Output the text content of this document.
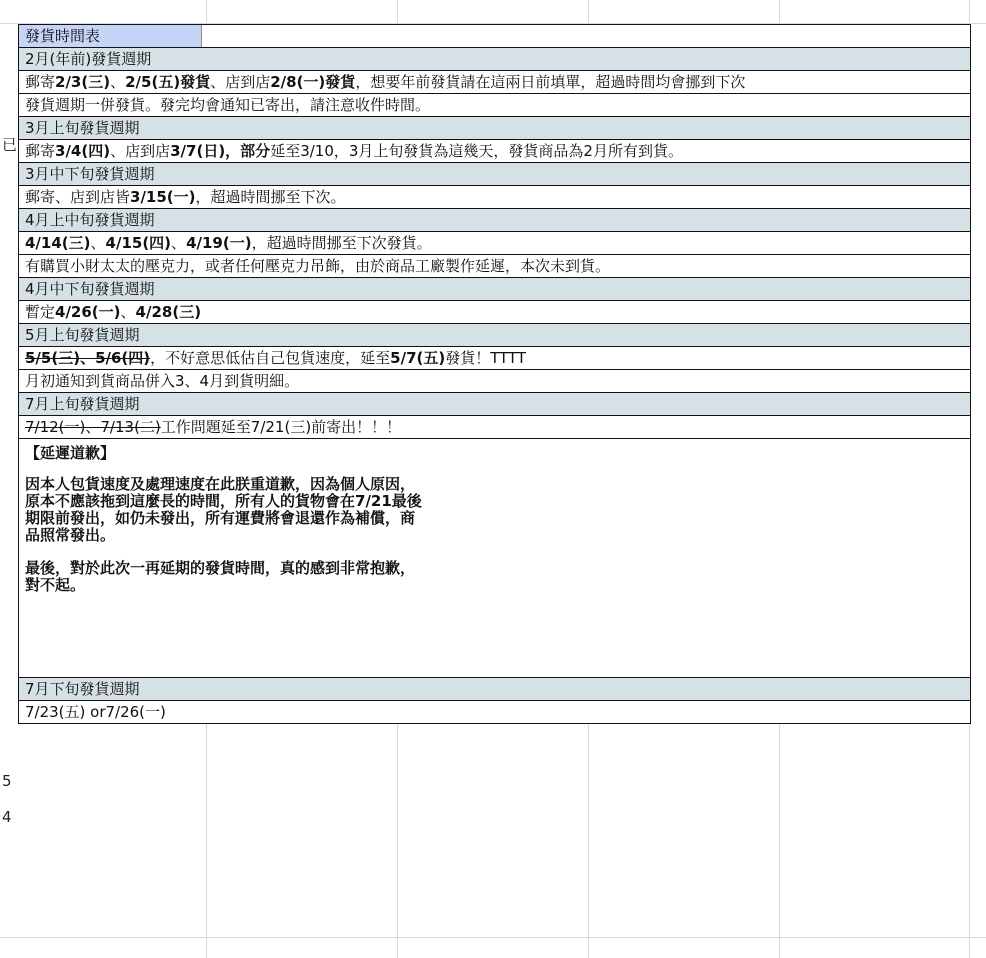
已
5
4
發貨時間表
2月(年前)發貨週期
郵寄2/3(三)、2/5(五)發貨、店到店2/8(一)發貨，想要年前發貨請在這兩日前填單，超過時間均會挪到下次
發貨週期一併發貨。發完均會通知已寄出，請注意收件時間。
3月上旬發貨週期
郵寄3/4(四)、店到店3/7(日)，部分延至3/10，3月上旬發貨為這幾天，發貨商品為2月所有到貨。
3月中下旬發貨週期
郵寄、店到店皆3/15(一)，超過時間挪至下次。
4月上中旬發貨週期
4/14(三)、4/15(四)、4/19(一)，超過時間挪至下次發貨。
有購買小財太太的壓克力，或者任何壓克力吊飾，由於商品工廠製作延遲，本次未到貨。
4月中下旬發貨週期
暫定4/26(一)、4/28(三)
5月上旬發貨週期
5/5(三)、5/6(四)，不好意思低估自己包貨速度，延至5/7(五)發貨！TTTT
月初通知到貨商品併入3、4月到貨明細。
7月上旬發貨週期
7/12(一)、7/13(二)工作問題延至7/21(三)前寄出！！！
【延遲道歉】
因本人包貨速度及處理速度在此朕重道歉，因為個人原因，原本不應該拖到這麼長的時間，所有人的貨物會在7/21最後期限前發出，如仍未發出，所有運費將會退還作為補償，商品照常發出。
最後，對於此次一再延期的發貨時間，真的感到非常抱歉，對不起。
7月下旬發貨週期
7/23(五) or7/26(一)
